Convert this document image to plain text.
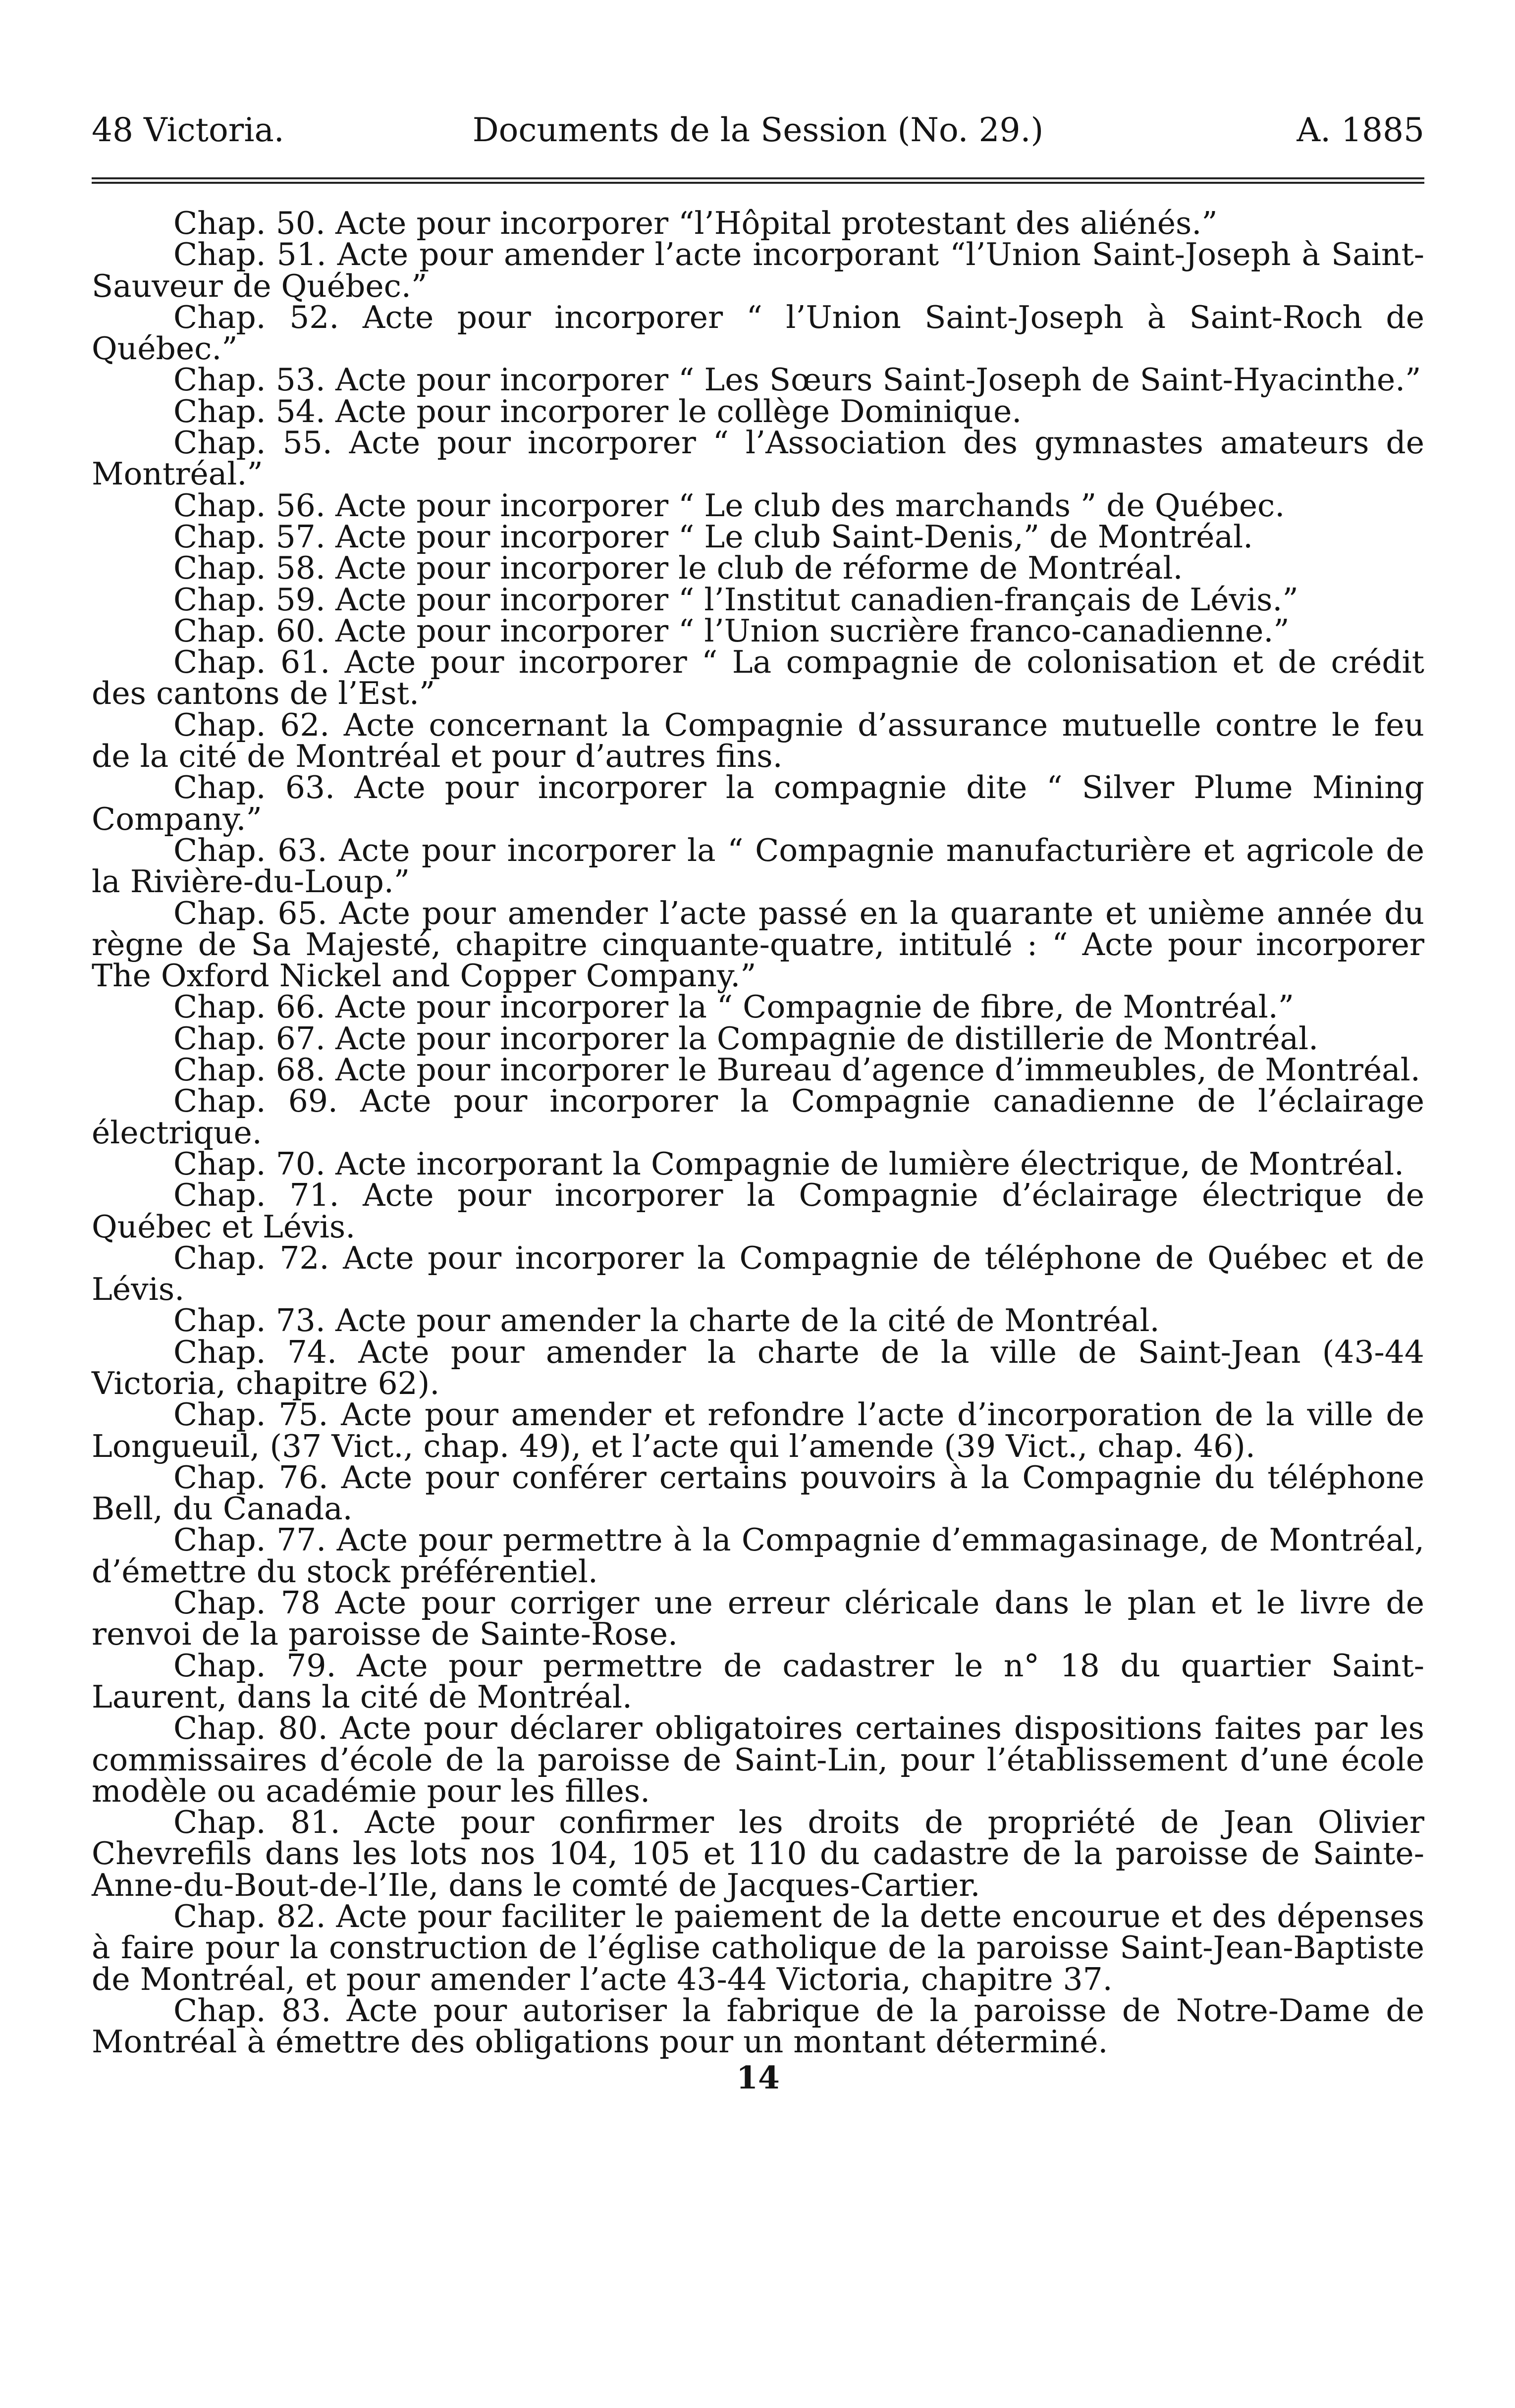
48 Victoria.	Documents de la Session (No. 29.)	A. 1885

Chap. 50. Acte pour incorporer “l’Hôpital protestant des aliénés.”

Chap. 51. Acte pour amender l’acte incorporant “l’Union Saint-Joseph à Saint-Sauveur de Québec.”

Chap. 52. Acte pour incorporer “ l’Union Saint-Joseph à Saint-Roch de Québec.”

Chap. 53. Acte pour incorporer “ Les Sœurs Saint-Joseph de Saint-Hyacinthe.”

Chap. 54. Acte pour incorporer le collège Dominique.

Chap. 55. Acte pour incorporer “ l’Association des gymnastes amateurs de Montréal.”

Chap. 56. Acte pour incorporer “ Le club des marchands ” de Québec.

Chap. 57. Acte pour incorporer “ Le club Saint-Denis,” de Montréal.

Chap. 58. Acte pour incorporer le club de réforme de Montréal.

Chap. 59. Acte pour incorporer “ l’Institut canadien-français de Lévis.”

Chap. 60. Acte pour incorporer “ l’Union sucrière franco-canadienne.”

Chap. 61. Acte pour incorporer “ La compagnie de colonisation et de crédit des cantons de l’Est.”

Chap. 62. Acte concernant la Compagnie d’assurance mutuelle contre le feu de la cité de Montréal et pour d’autres fins.

Chap. 63. Acte pour incorporer la compagnie dite “ Silver Plume Mining Company.”

Chap. 63. Acte pour incorporer la “ Compagnie manufacturière et agricole de la Rivière-du-Loup.”

Chap. 65. Acte pour amender l’acte passé en la quarante et unième année du règne de Sa Majesté, chapitre cinquante-quatre, intitulé : “ Acte pour incorporer The Oxford Nickel and Copper Company.”

Chap. 66. Acte pour incorporer la “ Compagnie de fibre, de Montréal.”

Chap. 67. Acte pour incorporer la Compagnie de distillerie de Montréal.

Chap. 68. Acte pour incorporer le Bureau d’agence d’immeubles, de Montréal.

Chap. 69. Acte pour incorporer la Compagnie canadienne de l’éclairage électrique.

Chap. 70. Acte incorporant la Compagnie de lumière électrique, de Montréal.

Chap. 71. Acte pour incorporer la Compagnie d’éclairage électrique de Québec et Lévis.

Chap. 72. Acte pour incorporer la Compagnie de téléphone de Québec et de Lévis.

Chap. 73. Acte pour amender la charte de la cité de Montréal.

Chap. 74. Acte pour amender la charte de la ville de Saint-Jean (43-44 Victoria, chapitre 62).

Chap. 75. Acte pour amender et refondre l’acte d’incorporation de la ville de Longueuil, (37 Vict., chap. 49), et l’acte qui l’amende (39 Vict., chap. 46).

Chap. 76. Acte pour conférer certains pouvoirs à la Compagnie du téléphone Bell, du Canada.

Chap. 77. Acte pour permettre à la Compagnie d’emmagasinage, de Montréal, d’émettre du stock préférentiel.

Chap. 78 Acte pour corriger une erreur cléricale dans le plan et le livre de renvoi de la paroisse de Sainte-Rose.

Chap. 79. Acte pour permettre de cadastrer le n° 18 du quartier Saint-Laurent, dans la cité de Montréal.

Chap. 80. Acte pour déclarer obligatoires certaines dispositions faites par les commissaires d’école de la paroisse de Saint-Lin, pour l’établissement d’une école modèle ou académie pour les filles.

Chap. 81. Acte pour confirmer les droits de propriété de Jean Olivier Chevrefils dans les lots nos 104, 105 et 110 du cadastre de la paroisse de Sainte-Anne-du-Bout-de-l’Ile, dans le comté de Jacques-Cartier.

Chap. 82. Acte pour faciliter le paiement de la dette encourue et des dépenses à faire pour la construction de l’église catholique de la paroisse Saint-Jean-Baptiste de Montréal, et pour amender l’acte 43-44 Victoria, chapitre 37.

Chap. 83. Acte pour autoriser la fabrique de la paroisse de Notre-Dame de Montréal à émettre des obligations pour un montant déterminé.

14
